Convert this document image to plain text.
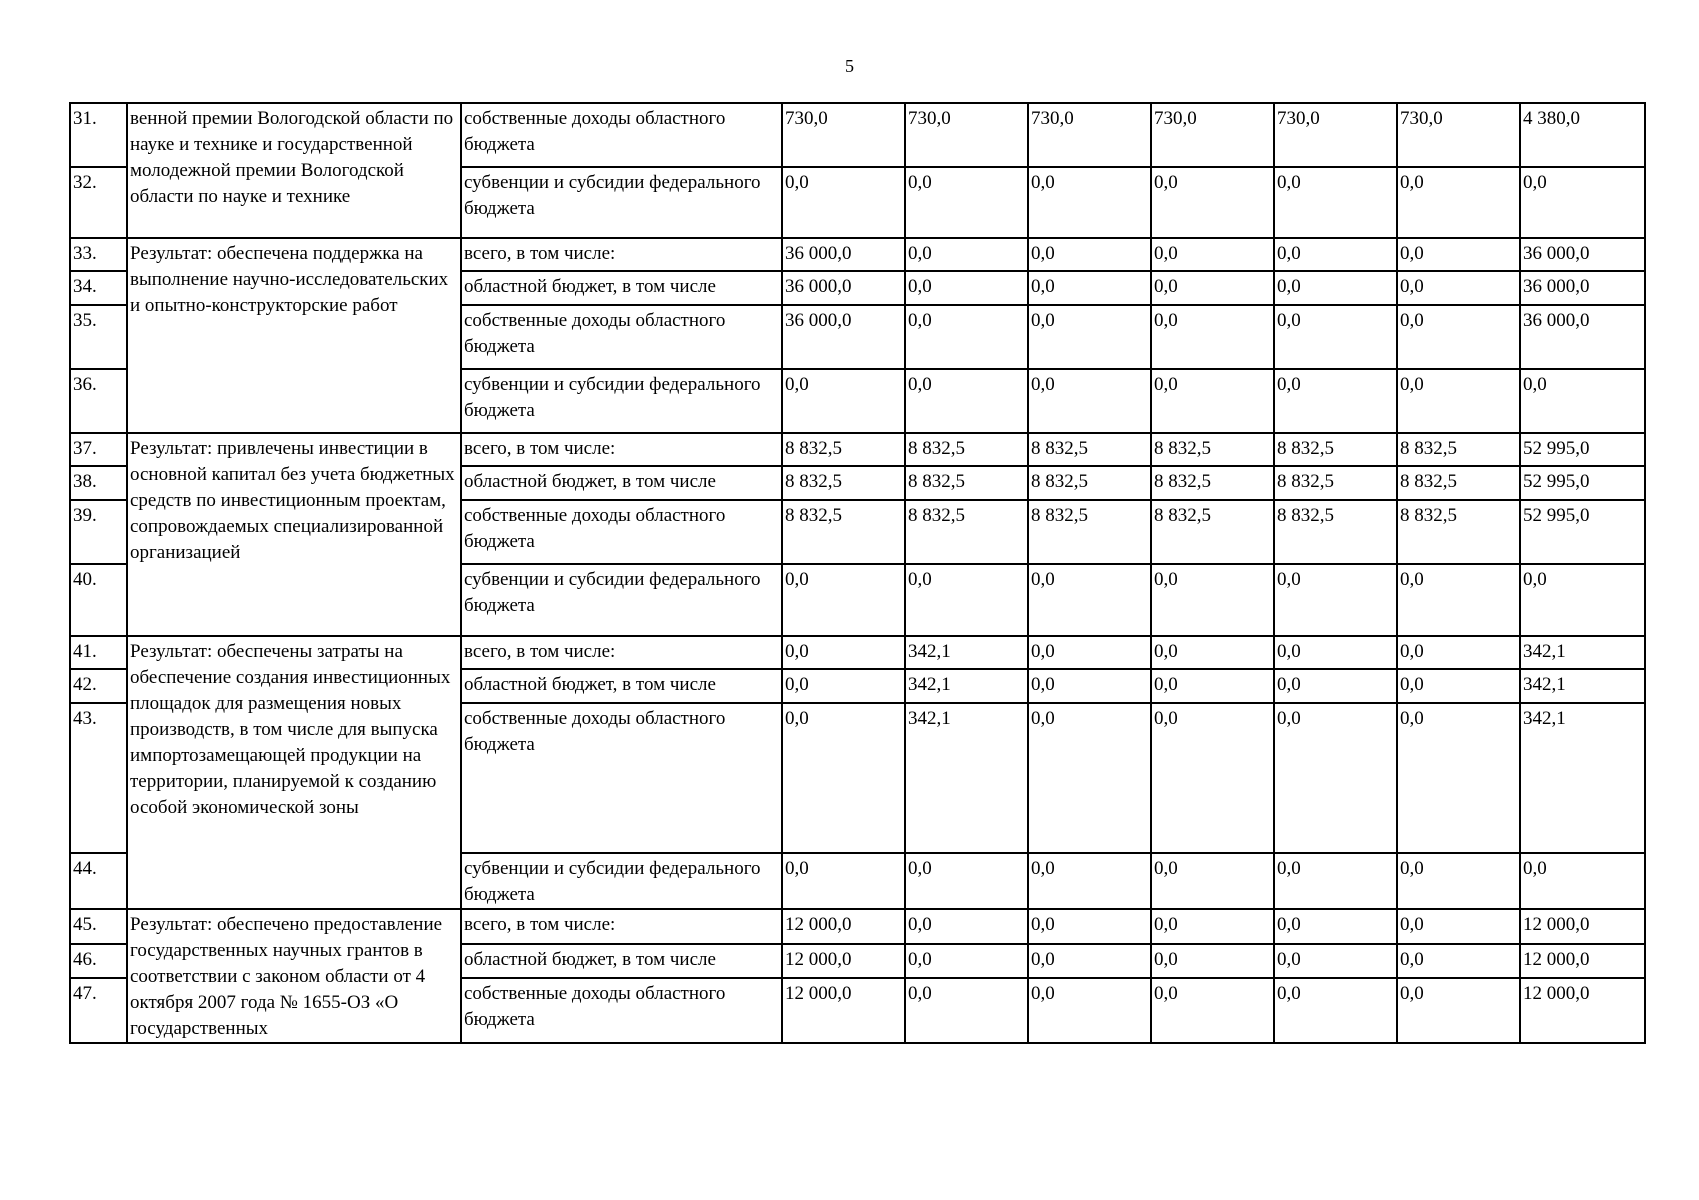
5
31.	венной премии Вологодской области по науке и технике и государственной молодежной премии Вологодской области по науке и технике	собственные доходы областного бюджета	730,0	730,0	730,0	730,0	730,0	730,0	4 380,0
32.		субвенции и субсидии федерального бюджета	0,0	0,0	0,0	0,0	0,0	0,0	0,0
33.	Результат: обеспечена поддержка на выполнение научно-исследовательских и опытно-конструкторские работ	всего, в том числе:	36 000,0	0,0	0,0	0,0	0,0	0,0	36 000,0
34.		областной бюджет, в том числе	36 000,0	0,0	0,0	0,0	0,0	0,0	36 000,0
35.		собственные доходы областного бюджета	36 000,0	0,0	0,0	0,0	0,0	0,0	36 000,0
36.		субвенции и субсидии федерального бюджета	0,0	0,0	0,0	0,0	0,0	0,0	0,0
37.	Результат: привлечены инвестиции в основной капитал без учета бюджетных средств по инвестиционным проектам, сопровождаемых специализированной организацией	всего, в том числе:	8 832,5	8 832,5	8 832,5	8 832,5	8 832,5	8 832,5	52 995,0
38.		областной бюджет, в том числе	8 832,5	8 832,5	8 832,5	8 832,5	8 832,5	8 832,5	52 995,0
39.		собственные доходы областного бюджета	8 832,5	8 832,5	8 832,5	8 832,5	8 832,5	8 832,5	52 995,0
40.		субвенции и субсидии федерального бюджета	0,0	0,0	0,0	0,0	0,0	0,0	0,0
41.	Результат: обеспечены затраты на обеспечение создания инвестиционных площадок для размещения новых производств, в том числе для выпуска импортозамещающей продукции на территории, планируемой к созданию особой экономической зоны	всего, в том числе:	0,0	342,1	0,0	0,0	0,0	0,0	342,1
42.		областной бюджет, в том числе	0,0	342,1	0,0	0,0	0,0	0,0	342,1
43.		собственные доходы областного бюджета	0,0	342,1	0,0	0,0	0,0	0,0	342,1
44.		субвенции и субсидии федерального бюджета	0,0	0,0	0,0	0,0	0,0	0,0	0,0
45.	Результат: обеспечено предоставление государственных научных грантов в соответствии с законом области от 4 октября 2007 года № 1655-ОЗ «О государственных	всего, в том числе:	12 000,0	0,0	0,0	0,0	0,0	0,0	12 000,0
46.		областной бюджет, в том числе	12 000,0	0,0	0,0	0,0	0,0	0,0	12 000,0
47.		собственные доходы областного бюджета	12 000,0	0,0	0,0	0,0	0,0	0,0	12 000,0
